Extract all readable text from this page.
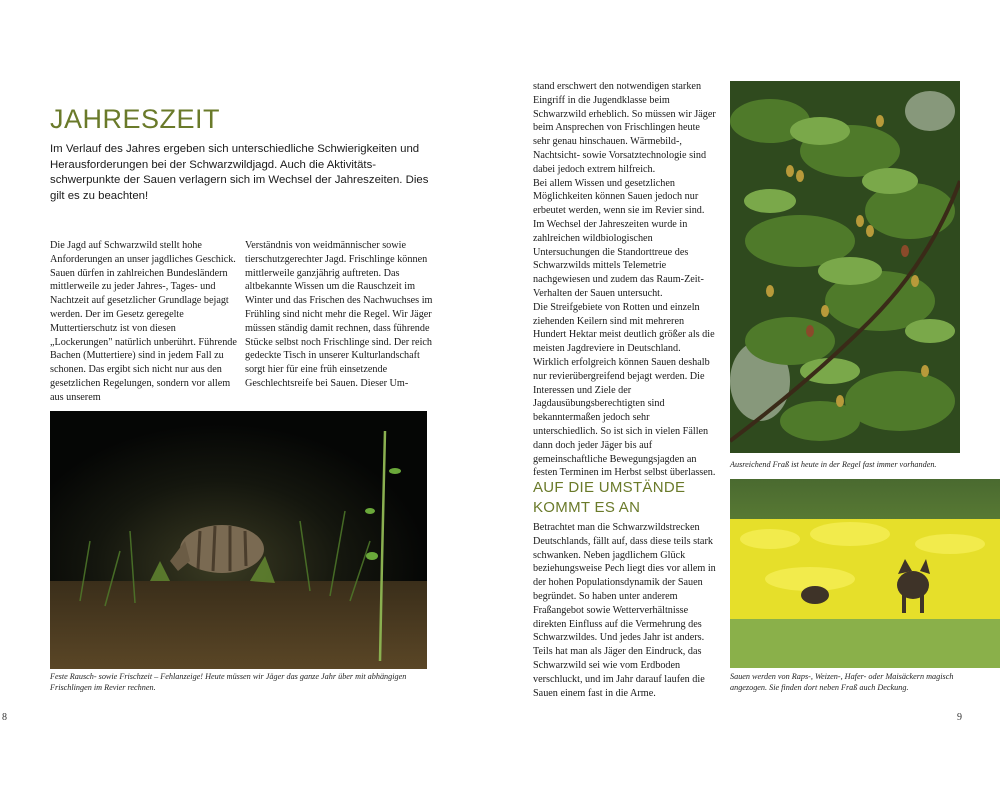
JAHRESZEIT
Im Verlauf des Jahres ergeben sich unterschiedliche Schwierigkeiten und Herausforderungen bei der Schwarzwildjagd. Auch die Aktivitätsschwerpunkte der Sauen verlagern sich im Wechsel der Jahreszeiten. Dies gilt es zu beachten!
Die Jagd auf Schwarzwild stellt hohe Anforderungen an unser jagdliches Geschick. Sauen dürfen in zahlreichen Bundesländern mittlerweile zu jeder Jahres-, Tages- und Nachtzeit auf gesetzlicher Grundlage bejagt werden. Der im Gesetz geregelte Muttertierschutz ist von diesen „Lockerungen" natürlich unberührt. Führende Bachen (Muttertiere) sind in jedem Fall zu schonen. Das ergibt sich nicht nur aus den gesetzlichen Regelungen, sondern vor allem aus unserem
Verständnis von weidmännischer sowie tierschutzgerechter Jagd. Frischlinge können mittlerweile ganzjährig auftreten. Das altbekannte Wissen um die Rauschzeit im Winter und das Frischen des Nachwuchses im Frühling sind nicht mehr die Regel. Wir Jäger müssen ständig damit rechnen, dass führende Stücke selbst noch Frischlinge sind. Der reich gedeckte Tisch in unserer Kulturlandschaft sorgt hier für eine früh einsetzende Geschlechtsreife bei Sauen. Dieser Um-
Feste Rausch- sowie Frischzeit – Fehlanzeige! Heute müssen wir Jäger das ganze Jahr über mit abhängigen Frischlingen im Revier rechnen.
8

stand erschwert den notwendigen starken Eingriff in die Jugendklasse beim Schwarzwild erheblich. So müssen wir Jäger beim Ansprechen von Frischlingen heute sehr genau hinschauen. Wärmebild-, Nachtsicht- sowie Vorsatztechnologie sind dabei jedoch extrem hilfreich.

Bei allem Wissen und gesetzlichen Möglichkeiten können Sauen jedoch nur erbeutet werden, wenn sie im Revier sind. Im Wechsel der Jahreszeiten wurde in zahlreichen wildbiologischen Untersuchungen die Standorttreue des Schwarzwilds mittels Telemetrie nachgewiesen und zudem das Raum-Zeit-Verhalten der Sauen untersucht.

Die Streifgebiete von Rotten und einzeln ziehenden Keilern sind mit mehreren Hundert Hektar meist deutlich größer als die meisten Jagdreviere in Deutschland. Wirklich erfolgreich können Sauen deshalb nur revierübergreifend bejagt werden. Die Interessen und Ziele der Jagdausübungsberechtigten sind bekanntermaßen jedoch sehr unterschiedlich. So ist sich in vielen Fällen dann doch jeder Jäger bis auf gemeinschaftliche Bewegungsjagden an festen Terminen im Herbst selbst überlassen.

AUF DIE UMSTÄNDE KOMMT ES AN
Betrachtet man die Schwarzwildstrecken Deutschlands, fällt auf, dass diese teils stark schwanken. Neben jagdlichem Glück beziehungsweise Pech liegt dies vor allem in der hohen Populationsdynamik der Sauen begründet. So haben unter anderem Fraßangebot sowie Wetterverhältnisse direkten Einfluss auf die Vermehrung des Schwarzwildes. Und jedes Jahr ist anders. Teils hat man als Jäger den Eindruck, das Schwarzwild sei wie vom Erdboden verschluckt, und im Jahr darauf laufen die Sauen einem fast in die Arme.
Ausreichend Fraß ist heute in der Regel fast immer vorhanden.
Sauen werden von Raps-, Weizen-, Hafer- oder Maisäckern magisch angezogen. Sie finden dort neben Fraß auch Deckung.
9
